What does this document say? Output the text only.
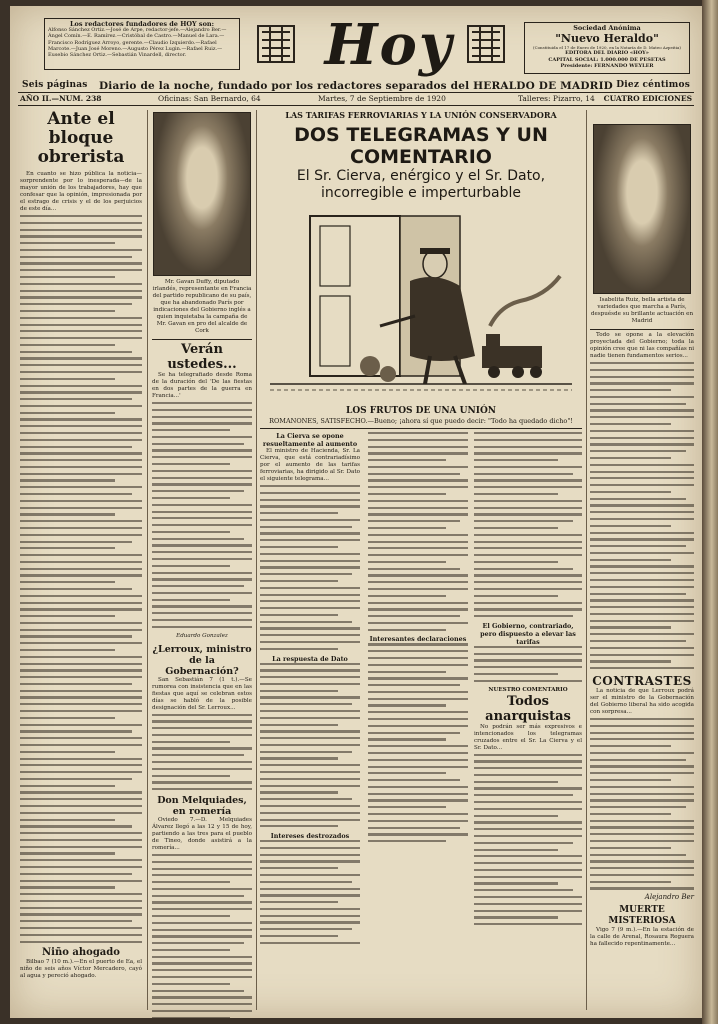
Los redactores fundadores de HOY son:
Alfonso Sánchez Ortiz.—José de Arpe, redactor-jefe.—Alejandro Ber.—Ángel Comín.—E. Ramírez.—Cristóbal de Castro.—Manuel de Lara.—Francisco Rodríguez Arroyo, gerente.—Claudio Izquierdo.—Rafael Marcote.—Juan José Moreno.—Augusto Pérez Lugin.—Rafael Ruiz.—Eusebio Sánchez Ortiz.—Sebastián Vinardell, director.	Hoy	Sociedad Anónima
"Nuevo Heraldo"
(Constituida el 17 de Enero de 1920, en la Notaría de D. Mateo Azpeitia)
EDITORA DEL DIARIO «HOY»
CAPITAL SOCIAL: 1.000.000 DE PESETAS
Presidente: FERNANDO WEYLER
Seis páginas Diario de la noche, fundado por los redactores separados del HERALDO DE MADRID Diez céntimos
AÑO II.—NUM. 238	Oficinas: San Bernardo, 64	Martes, 7 de Septiembre de 1920	Talleres: Pizarro, 14 CUATRO EDICIONES
Ante el bloque obrerista

En cuanto se hizo pública la noticia—sorprendente por lo inesperada—de la mayor unión de los trabajadores, hay que confesar que la opinión, impresionada por el estrago de crisis y el de los perjuicios de este día...

Niño ahogado

Bilbao 7 (10 m.).—En el puerto de Ea, el niño de seis años Víctor Mercadero, cayó al agua y pereció ahogado.

Mr. Gavan Duffy, diputado irlandés, representante en Francia del partido republicano de su país, que ha abandonado París por indicaciones del Gobierno inglés a quien inquietaba la campaña de Mr. Gavan en pro del alcalde de Cork
Verán ustedes...

Se ha telegrafiado desde Roma de la duración del 'De las fiestas en dos partes de la guerra en Francia...'

Eduardo Gonzalez
¿Lerroux, ministro de la Gobernación?

San Sebastián 7 (1 t.).—Se rumorea con insistencia que en las fiestas que aquí se celebran estos días se habló de la posible designación del Sr. Lerroux...

Don Melquiades, en romería

Oviedo 7.—D. Melquiades Álvarez llegó a las 12 y 15 de hoy, partiendo a las tres para el pueblo de Tineo, donde asistirá a la romería...

LAS TARIFAS FERROVIARIAS Y LA UNIÓN CONSERVADORA
DOS TELEGRAMAS Y UN COMENTARIO
El Sr. Cierva, enérgico y el Sr. Dato,
incorregible e imperturbable
LOS FRUTOS DE UNA UNIÓN
ROMANONES, SATISFECHO.—Bueno; ¡ahora sí que puedo decir: "Todo ha quedado dicho"!
La Cierva se opone resueltamente al aumento

El ministro de Hacienda, Sr. La Cierva, que está contrariadísimo por el aumento de las tarifas ferroviarias, ha dirigido al Sr. Dato el siguiente telegrama...

La respuesta de Dato
Intereses destrozados
Interesantes declaraciones
El Gobierno, contrariado, pero dispuesto a elevar las tarifas
NUESTRO COMENTARIO
Todos anarquistas

No podrán ser más expresivos e intencionados los telegramas cruzados entre el Sr. La Cierva y el Sr. Dato...

Isabelita Ruiz, bella artista de variedades que marcha a París, despuésde su brillante actuación en Madrid

Todo se opone a la elevación proyectada del Gobierno; toda la opinión cree que ni las compañías ni nadie tienen fundamentos serios...

CONTRASTES

La noticia de que Lerroux podrá ser el ministro de la Gobernación del Gobierno liberal ha sido acogida con sorpresa...

Alejandro Ber
MUERTE MISTERIOSA

Vigo 7 (9 m.).—En la estación de la calle de Arenal, Rosaura Reguera ha fallecido repentinamente...
